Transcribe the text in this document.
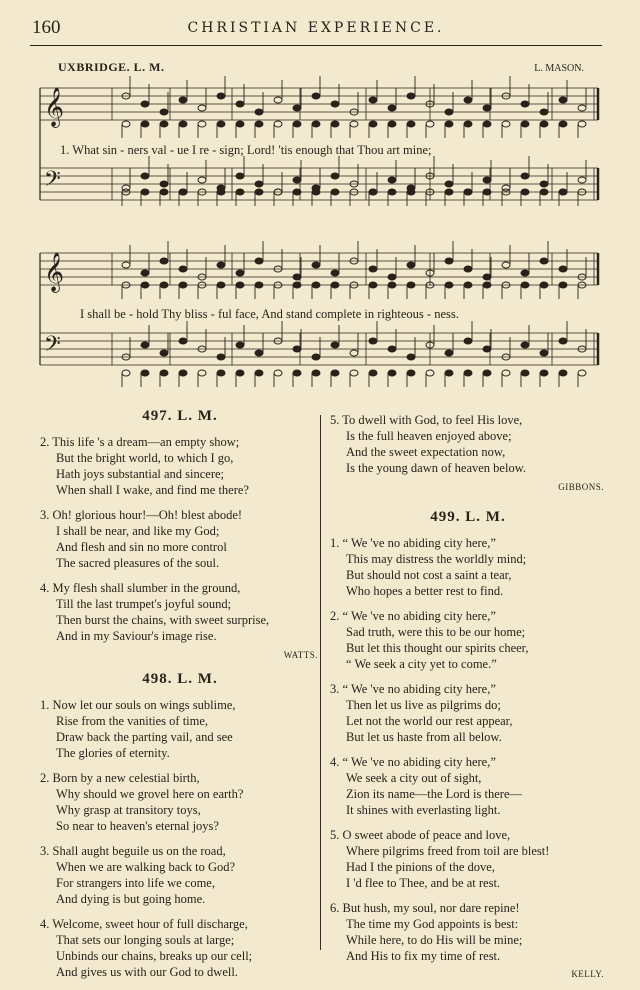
160	CHRISTIAN EXPERIENCE.
UXBRIDGE. L. M.	L. MASON.
𝄞
𝄢
𝄞
𝄢
1. What sin - ners val - ue I re - sign; Lord! 'tis enough that Thou art mine;
I shall be - hold Thy bliss - ful face, And stand complete in righteous - ness.
497. L. M.
2. This life 's a dream—an empty show;
But the bright world, to which I go,
Hath joys substantial and sincere;
When shall I wake, and find me there?
3. Oh! glorious hour!—Oh! blest abode!
I shall be near, and like my God;
And flesh and sin no more control
The sacred pleasures of the soul.
4. My flesh shall slumber in the ground,
Till the last trumpet's joyful sound;
Then burst the chains, with sweet surprise,
And in my Saviour's image rise.
WATTS.
498. L. M.
1. Now let our souls on wings sublime,
Rise from the vanities of time,
Draw back the parting vail, and see
The glories of eternity.
2. Born by a new celestial birth,
Why should we grovel here on earth?
Why grasp at transitory toys,
So near to heaven's eternal joys?
3. Shall aught beguile us on the road,
When we are walking back to God?
For strangers into life we come,
And dying is but going home.
4. Welcome, sweet hour of full discharge,
That sets our longing souls at large;
Unbinds our chains, breaks up our cell;
And gives us with our God to dwell.
5. To dwell with God, to feel His love,
Is the full heaven enjoyed above;
And the sweet expectation now,
Is the young dawn of heaven below.
GIBBONS.
499. L. M.
1. “ We 've no abiding city here,”
This may distress the worldly mind;
But should not cost a saint a tear,
Who hopes a better rest to find.
2. “ We 've no abiding city here,”
Sad truth, were this to be our home;
But let this thought our spirits cheer,
“ We seek a city yet to come.”
3. “ We 've no abiding city here,”
Then let us live as pilgrims do;
Let not the world our rest appear,
But let us haste from all below.
4. “ We 've no abiding city here,”
We seek a city out of sight,
Zion its name—the Lord is there—
It shines with everlasting light.
5. O sweet abode of peace and love,
Where pilgrims freed from toil are blest!
Had I the pinions of the dove,
I 'd flee to Thee, and be at rest.
6. But hush, my soul, nor dare repine!
The time my God appoints is best:
While here, to do His will be mine;
And His to fix my time of rest.
KELLY.
